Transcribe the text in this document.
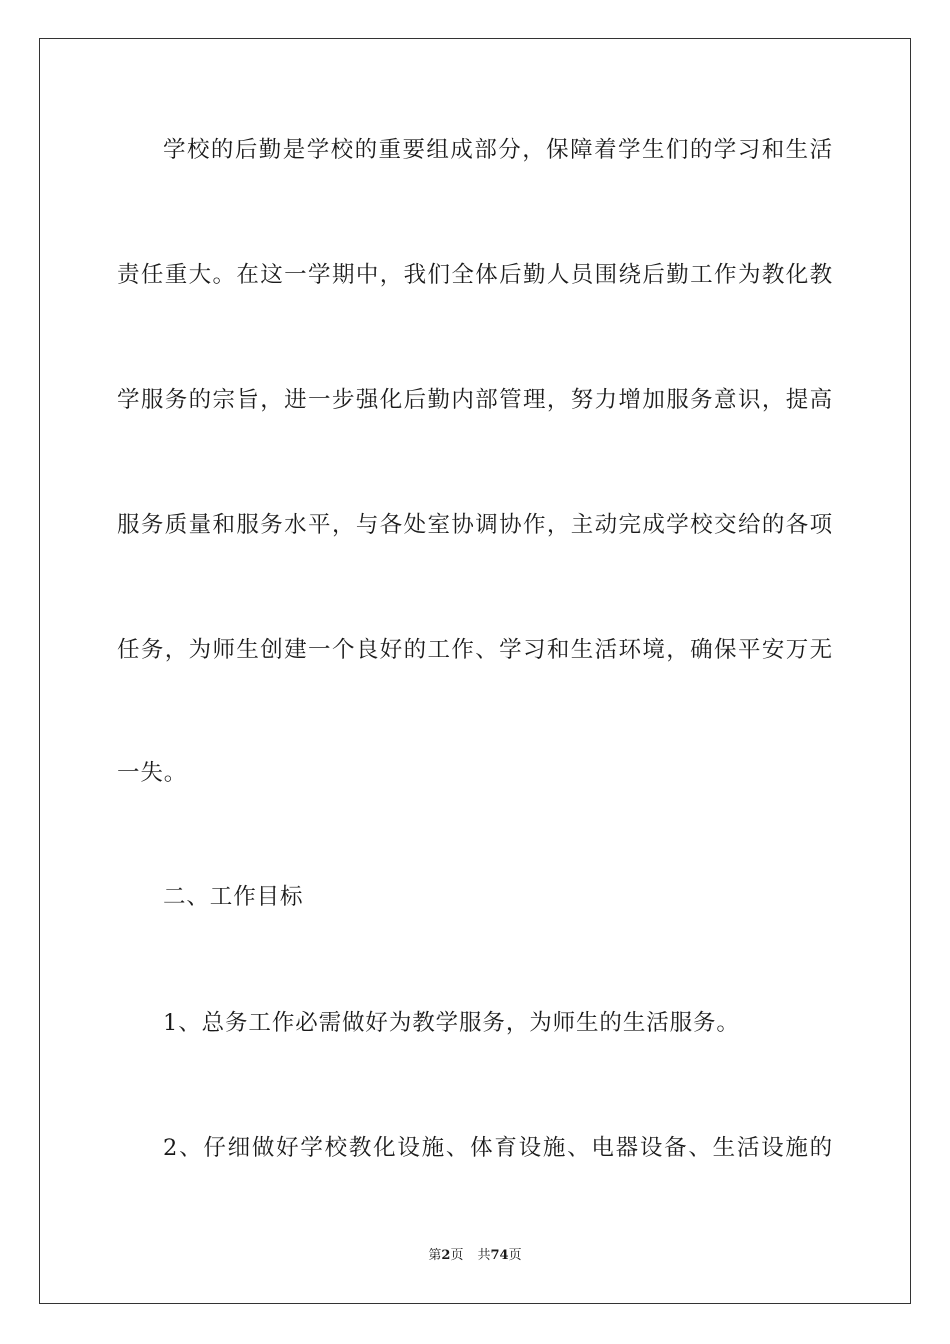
学校的后勤是学校的重要组成部分，保障着学生们的学习和生活
责任重大。在这一学期中，我们全体后勤人员围绕后勤工作为教化教
学服务的宗旨，进一步强化后勤内部管理，努力增加服务意识，提高
服务质量和服务水平，与各处室协调协作，主动完成学校交给的各项
任务，为师生创建一个良好的工作、学习和生活环境，确保平安万无
一失。
二、工作目标
1、总务工作必需做好为教学服务，为师生的生活服务。
2、仔细做好学校教化设施、体育设施、电器设备、生活设施的
第2页 共74页
